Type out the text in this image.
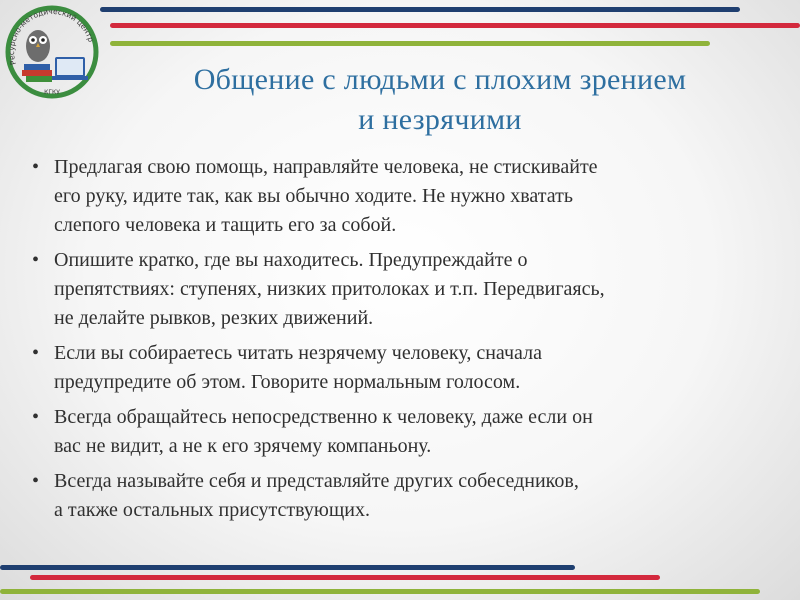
Ресурсно-методический центр
КГКУ	Общение с людьми с плохим зрением
и незрячими
• Предлагая свою помощь, направляйте человека, не стискивайте
его руку, идите так, как вы обычно ходите. Не нужно хватать
слепого человека и тащить его за собой.
• Опишите кратко, где вы находитесь. Предупреждайте о
препятствиях: ступенях, низких притолоках и т.п. Передвигаясь,
не делайте рывков, резких движений.
• Если вы собираетесь читать незрячему человеку, сначала
предупредите об этом. Говорите нормальным голосом.
• Всегда обращайтесь непосредственно к человеку, даже если он
вас не видит, а не к его зрячему компаньону.
• Всегда называйте себя и представляйте других собеседников,
а также остальных присутствующих.
